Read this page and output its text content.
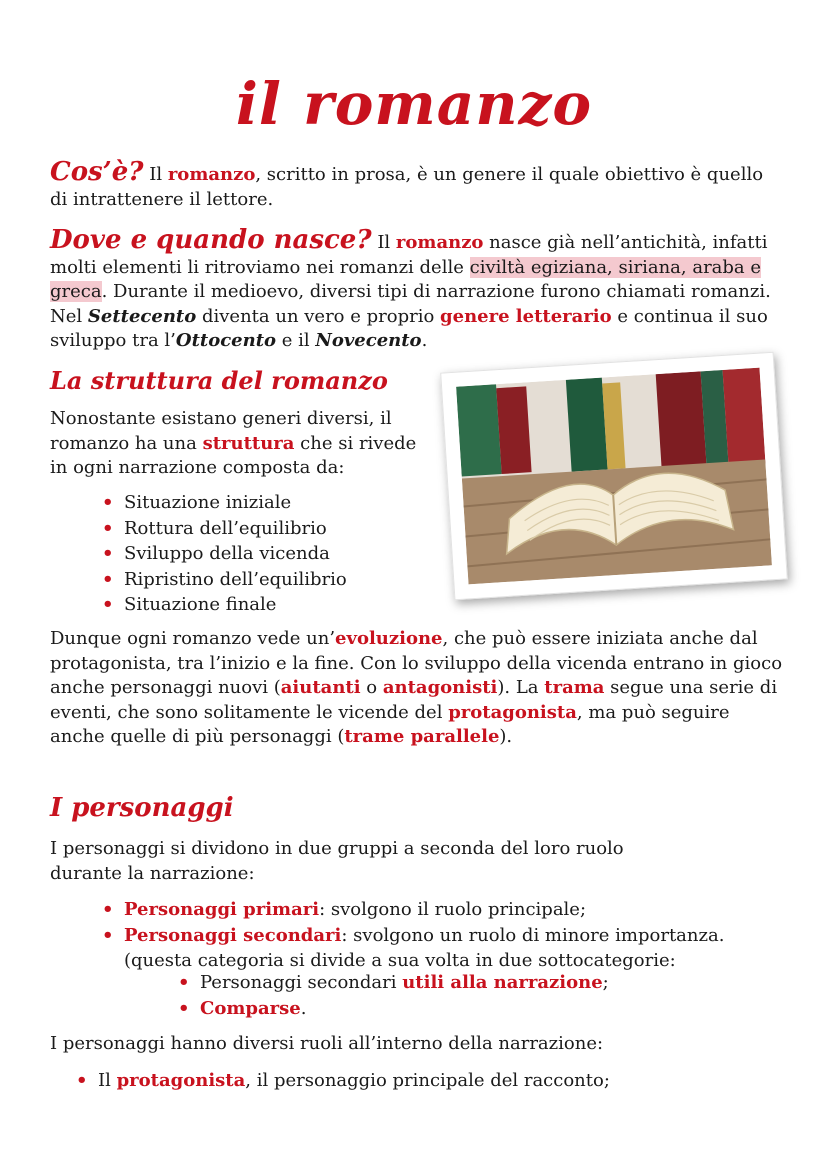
il romanzo
Cos’è? Il romanzo, scritto in prosa, è un genere il quale obiettivo è quello di intrattenere il lettore.
Dove e quando nasce? Il romanzo nasce già nell’antichità, infatti molti elementi li ritroviamo nei romanzi delle civiltà egiziana, siriana, araba e greca. Durante il medioevo, diversi tipi di narrazione furono chiamati romanzi. Nel Settecento diventa un vero e proprio genere letterario e continua il suo sviluppo tra l’Ottocento e il Novecento.
La struttura del romanzo
Nonostante esistano generi diversi, il romanzo ha una struttura che si rivede in ogni narrazione composta da:
• Situazione iniziale
• Rottura dell’equilibrio
• Sviluppo della vicenda
• Ripristino dell’equilibrio
• Situazione finale
Dunque ogni romanzo vede un’evoluzione, che può essere iniziata anche dal protagonista, tra l’inizio e la fine. Con lo sviluppo della vicenda entrano in gioco anche personaggi nuovi (aiutanti o antagonisti). La trama segue una serie di eventi, che sono solitamente le vicende del protagonista, ma può seguire anche quelle di più personaggi (trame parallele).
I personaggi
I personaggi si dividono in due gruppi a seconda del loro ruolo durante la narrazione:
• Personaggi primari: svolgono il ruolo principale;
• Personaggi secondari: svolgono un ruolo di minore importanza. (questa categoria si divide a sua volta in due sottocategorie:
• Personaggi secondari utili alla narrazione;
• Comparse.
I personaggi hanno diversi ruoli all’interno della narrazione:
• Il protagonista, il personaggio principale del racconto;
